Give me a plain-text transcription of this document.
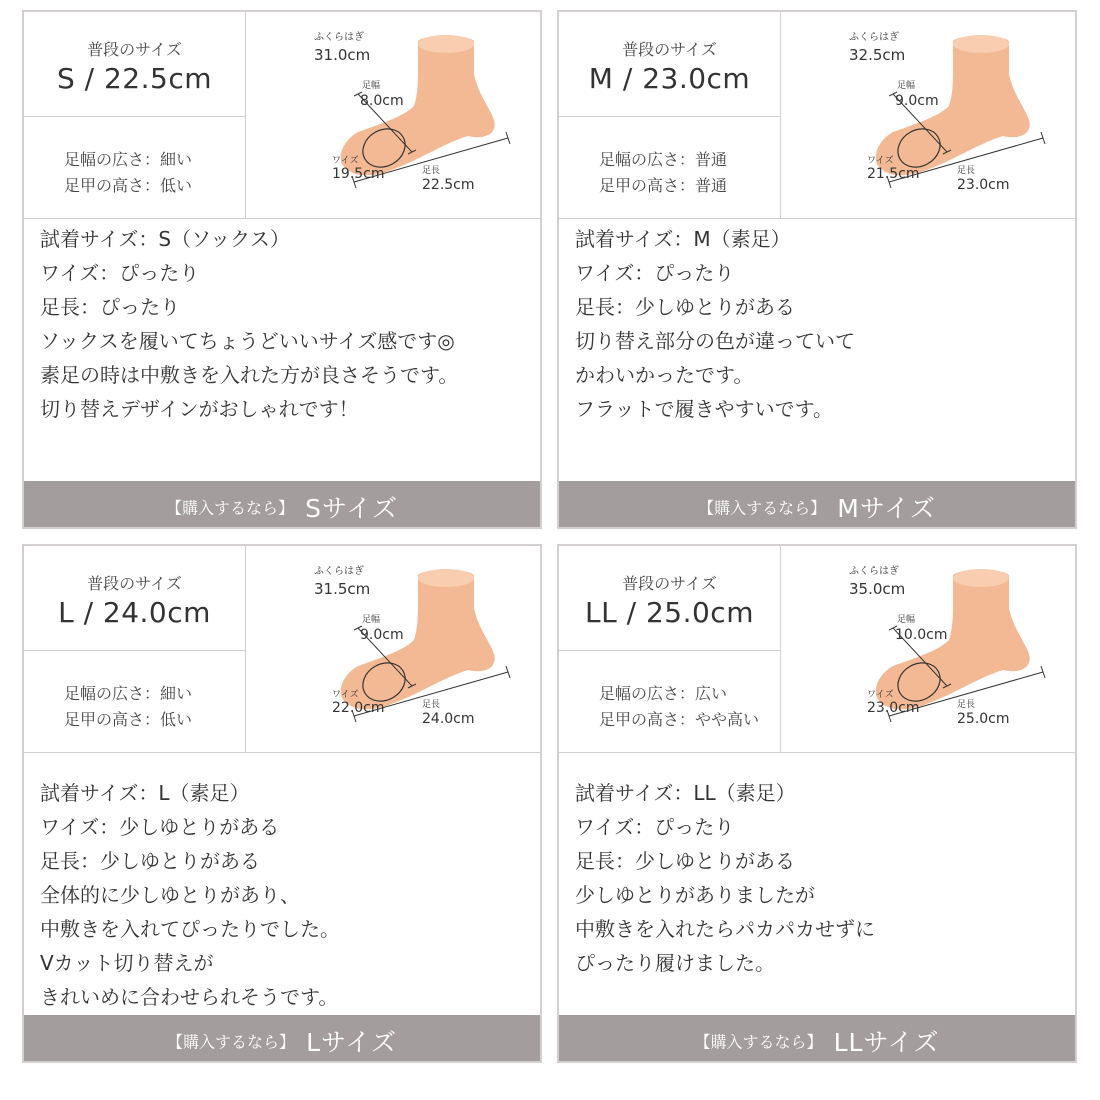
普段のサイズ
S / 22.5cm
足幅の広さ：細い
足甲の高さ：低い
ふくらはぎ
31.0cm
足幅
8.0cm
ワイズ
19.5cm	足長
22.5cm
試着サイズ：S（ソックス）
ワイズ：ぴったり
足長：ぴったり
ソックスを履いてちょうどいいサイズ感です◎
素足の時は中敷きを入れた方が良さそうです。
切り替えデザインがおしゃれです！
【購入するなら】 Sサイズ
普段のサイズ
M / 23.0cm
足幅の広さ：普通
足甲の高さ：普通
ふくらはぎ
32.5cm
足幅
9.0cm
ワイズ
21.5cm	足長
23.0cm
試着サイズ：M（素足）
ワイズ：ぴったり
足長：少しゆとりがある
切り替え部分の色が違っていて
かわいかったです。
フラットで履きやすいです。
【購入するなら】 Mサイズ
普段のサイズ
L / 24.0cm
足幅の広さ：細い
足甲の高さ：低い
ふくらはぎ
31.5cm
足幅
9.0cm
ワイズ
22.0cm	足長
24.0cm
試着サイズ：L（素足）
ワイズ：少しゆとりがある
足長：少しゆとりがある
全体的に少しゆとりがあり、
中敷きを入れてぴったりでした。
Vカット切り替えが
きれいめに合わせられそうです。
【購入するなら】 Lサイズ
普段のサイズ
LL / 25.0cm
足幅の広さ：広い
足甲の高さ：やや高い
ふくらはぎ
35.0cm
足幅
10.0cm
ワイズ
23.0cm	足長
25.0cm
試着サイズ：LL（素足）
ワイズ：ぴったり
足長：少しゆとりがある
少しゆとりがありましたが
中敷きを入れたらパカパカせずに
ぴったり履けました。
【購入するなら】 LLサイズ
